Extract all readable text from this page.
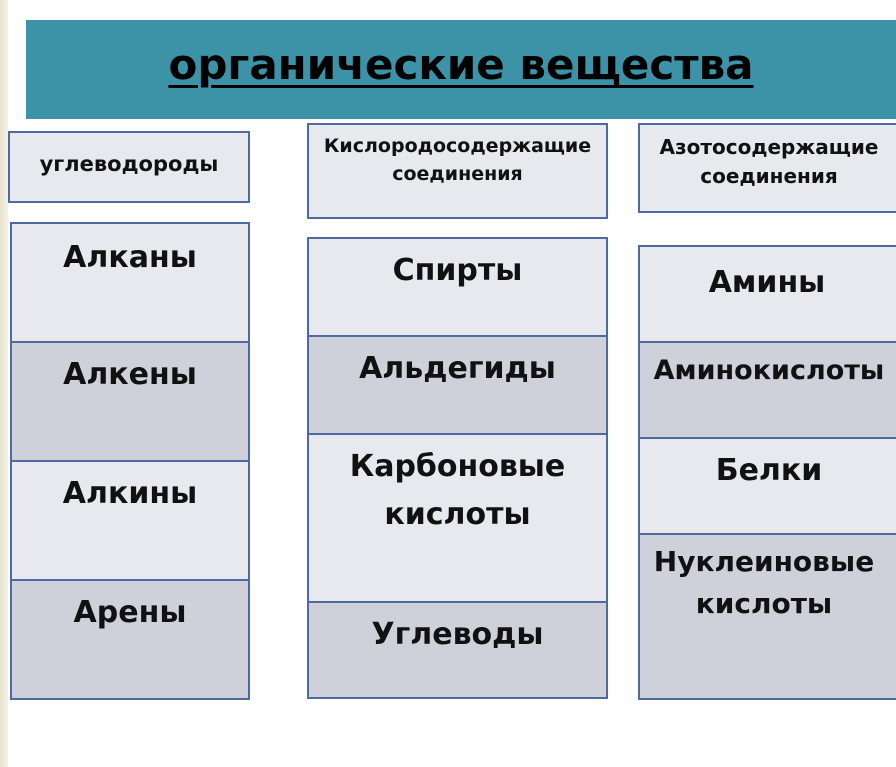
органические вещества
углеводороды
Алканы
Алкены
Алкины
Арены
Кислородосодержащие соединения
Спирты
Альдегиды
Карбоновые кислоты
Углеводы
Азотосодержащие соединения
Амины
Аминокислоты
Белки
Нуклеиновые кислоты
